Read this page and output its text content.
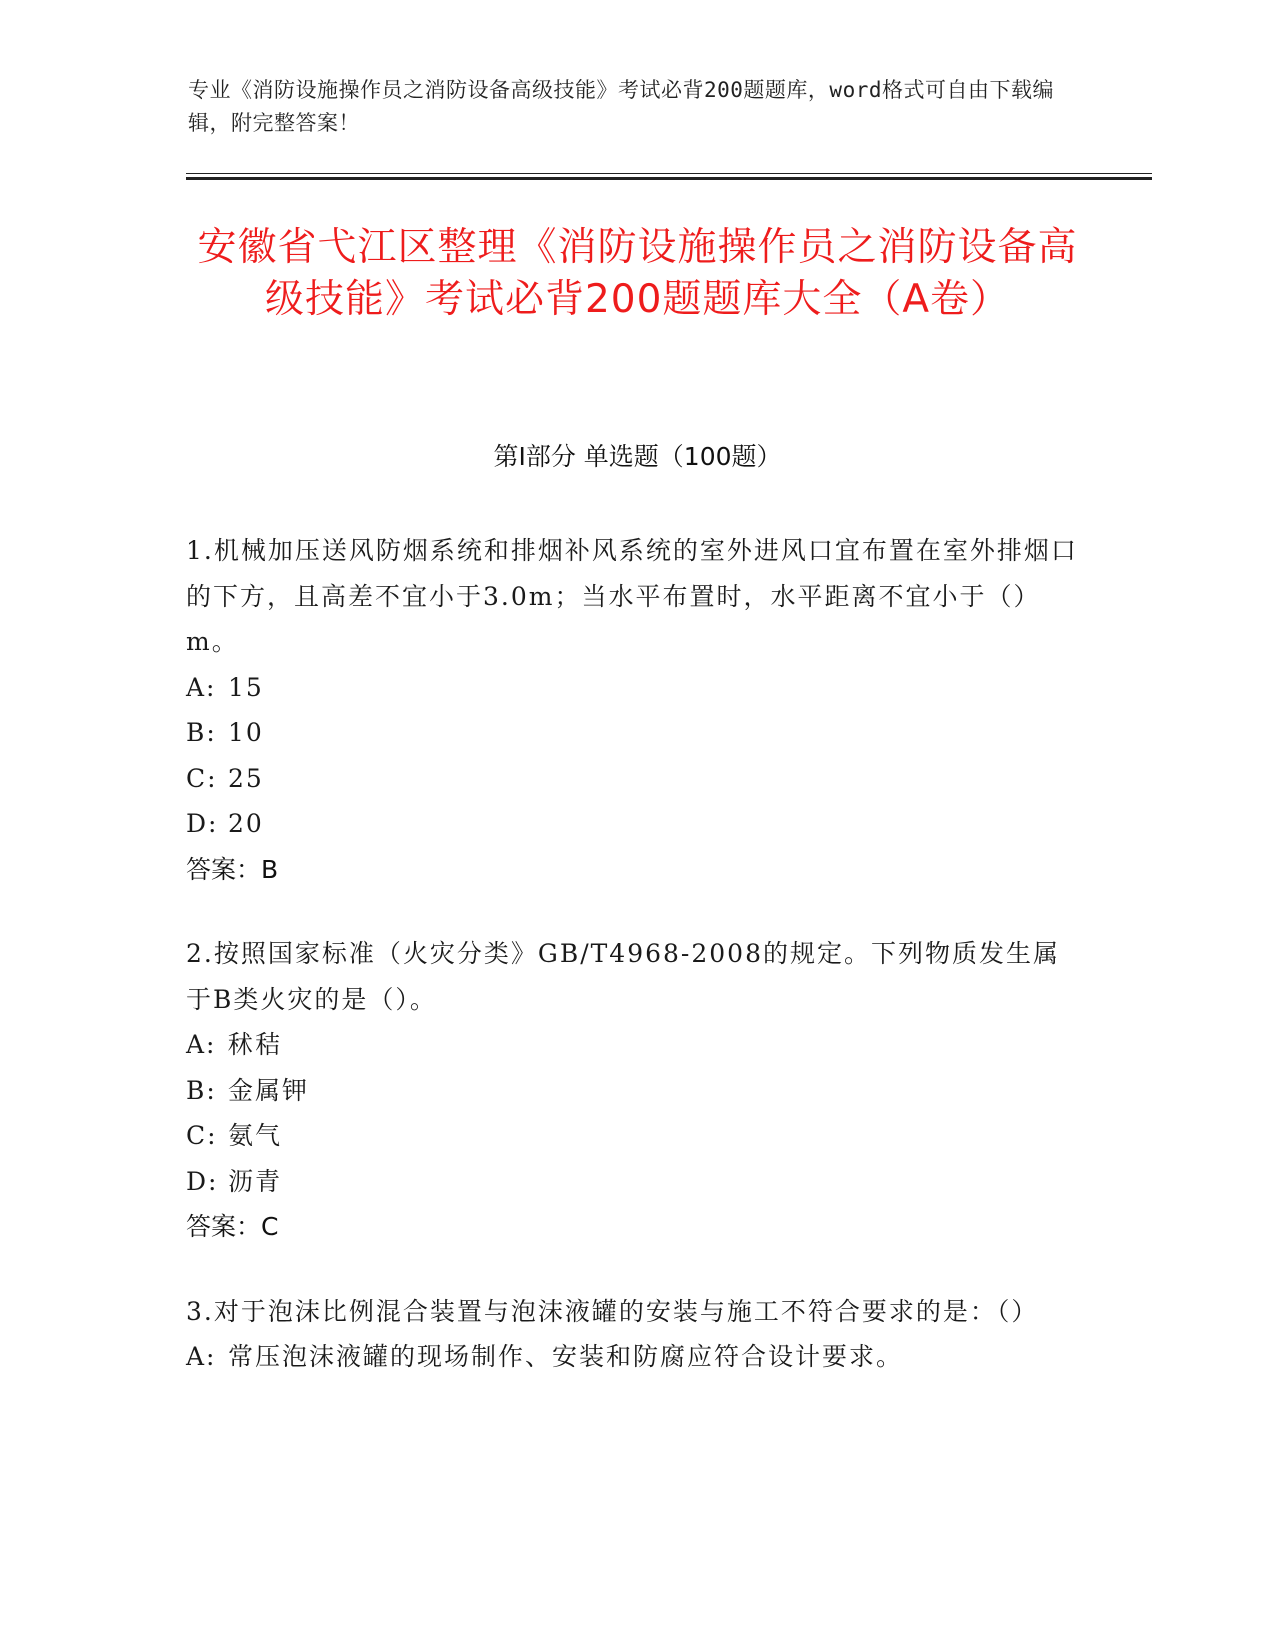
专业《消防设施操作员之消防设备高级技能》考试必背200题题库，word格式可自由下载编辑，附完整答案！
安徽省弋江区整理《消防设施操作员之消防设备高级技能》考试必背200题题库大全（A卷）
第I部分 单选题（100题）
1.机械加压送风防烟系统和排烟补风系统的室外进风口宜布置在室外排烟口的下方，且高差不宜小于3.0m；当水平布置时，水平距离不宜小于（）m。
A: 15
B: 10
C: 25
D: 20
答案：B
2.按照国家标准（火灾分类》GB/T4968-2008的规定。下列物质发生属于B类火灾的是（）。
A: 秫秸
B: 金属钾
C: 氨气
D: 沥青
答案：C
3.对于泡沫比例混合装置与泡沫液罐的安装与施工不符合要求的是：（）
A: 常压泡沫液罐的现场制作、安装和防腐应符合设计要求。
